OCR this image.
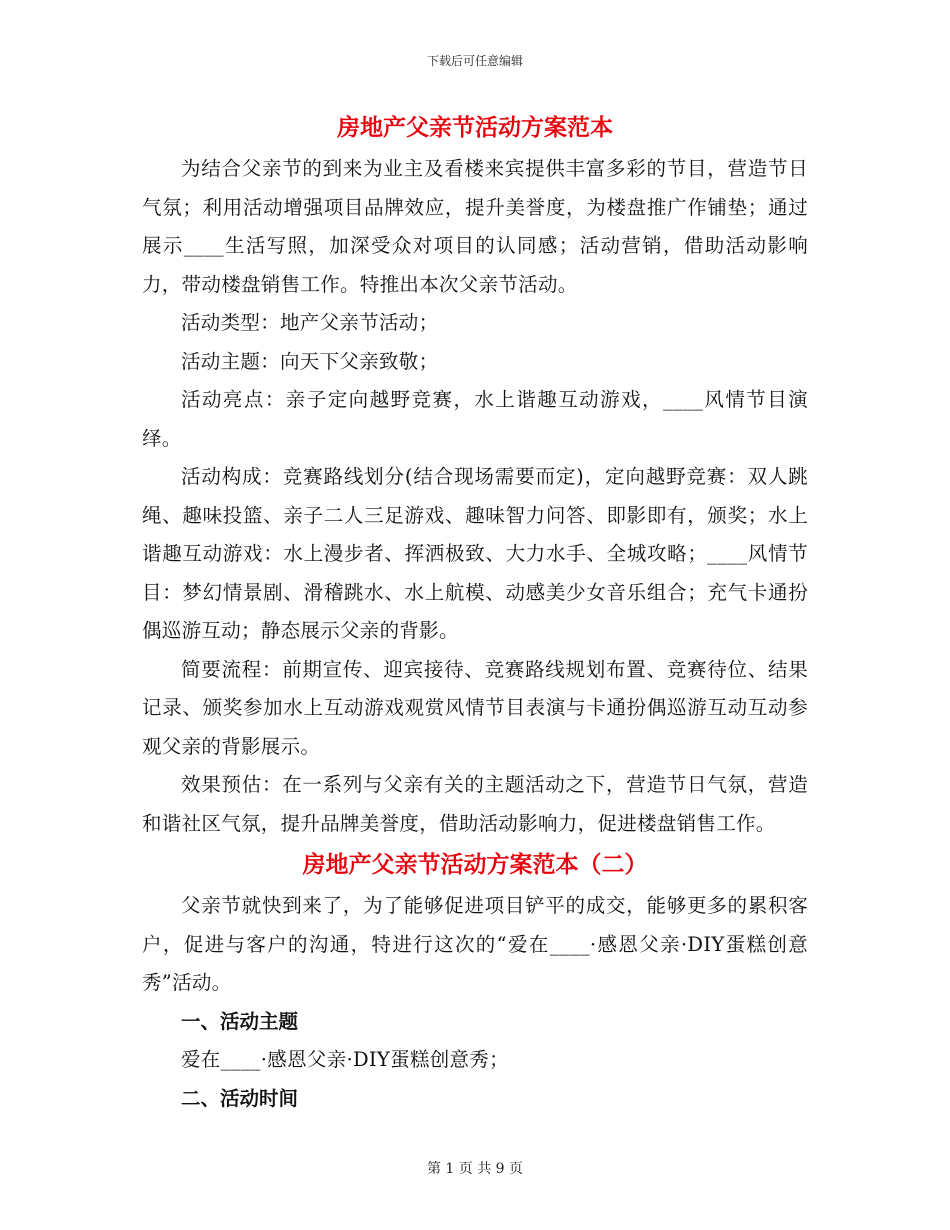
下载后可任意编辑
房地产父亲节活动方案范本

为结合父亲节的到来为业主及看楼来宾提供丰富多彩的节目，营造节日气氛；利用活动增强项目品牌效应，提升美誉度，为楼盘推广作铺垫；通过展示____生活写照，加深受众对项目的认同感；活动营销，借助活动影响力，带动楼盘销售工作。特推出本次父亲节活动。

活动类型：地产父亲节活动；

活动主题：向天下父亲致敬；

活动亮点：亲子定向越野竞赛，水上谐趣互动游戏，____风情节目演绎。

活动构成：竞赛路线划分(结合现场需要而定)，定向越野竞赛：双人跳绳、趣味投篮、亲子二人三足游戏、趣味智力问答、即影即有，颁奖；水上谐趣互动游戏：水上漫步者、挥洒极致、大力水手、全城攻略；____风情节目：梦幻情景剧、滑稽跳水、水上航模、动感美少女音乐组合；充气卡通扮偶巡游互动；静态展示父亲的背影。

简要流程：前期宣传、迎宾接待、竞赛路线规划布置、竞赛待位、结果记录、颁奖参加水上互动游戏观赏风情节目表演与卡通扮偶巡游互动互动参观父亲的背影展示。

效果预估：在一系列与父亲有关的主题活动之下，营造节日气氛，营造和谐社区气氛，提升品牌美誉度，借助活动影响力，促进楼盘销售工作。

房地产父亲节活动方案范本（二）

父亲节就快到来了，为了能够促进项目铲平的成交，能够更多的累积客户，促进与客户的沟通，特进行这次的“爱在____·感恩父亲·DIY蛋糕创意秀”活动。

一、活动主题

爱在____·感恩父亲·DIY蛋糕创意秀；

二、活动时间
第 1 页 共 9 页
